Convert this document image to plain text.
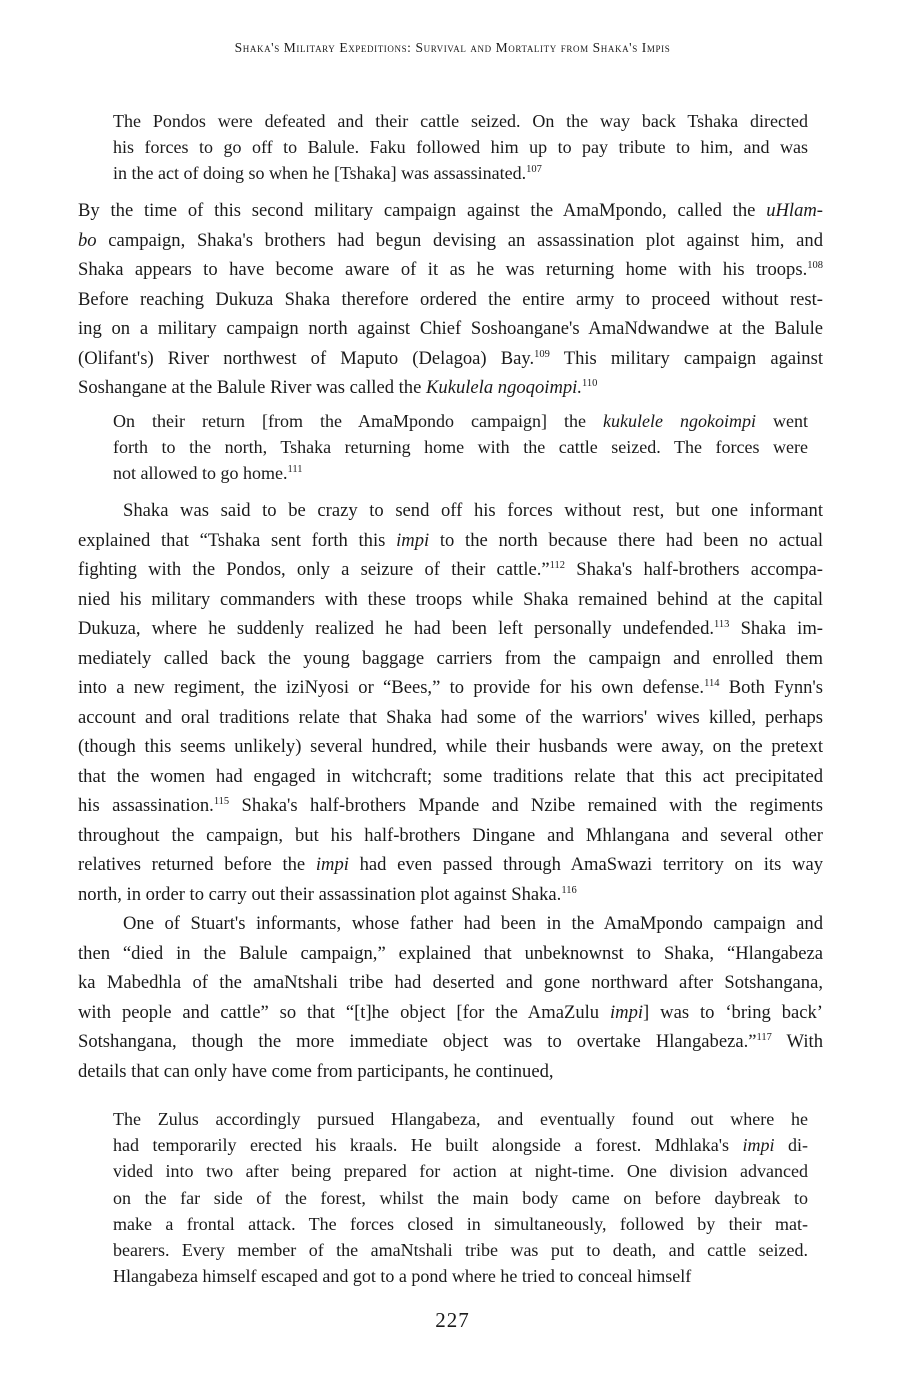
Shaka's Military Expeditions: Survival and Mortality from Shaka's Impis
The Pondos were defeated and their cattle seized. On the way back Tshaka directed
his forces to go off to Balule. Faku followed him up to pay tribute to him, and was
in the act of doing so when he [Tshaka] was assassinated.$^{107}$
By the time of this second military campaign against the AmaMpondo, called the uHlam-
bo campaign, Shaka's brothers had begun devising an assassination plot against him, and
Shaka appears to have become aware of it as he was returning home with his troops.$^{108}$
Before reaching Dukuza Shaka therefore ordered the entire army to proceed without rest-
ing on a military campaign north against Chief Soshoangane's AmaNdwandwe at the Balule
(Olifant's) River northwest of Maputo (Delagoa) Bay.$^{109}$ This military campaign against
Soshangane at the Balule River was called the Kukulela ngoqoimpi.$^{110}$
On their return [from the AmaMpondo campaign] the kukulele ngokoimpi went
forth to the north, Tshaka returning home with the cattle seized. The forces were
not allowed to go home.$^{111}$
Shaka was said to be crazy to send off his forces without rest, but one informant
explained that “Tshaka sent forth this impi to the north because there had been no actual
fighting with the Pondos, only a seizure of their cattle.”$^{112}$ Shaka's half-brothers accompa-
nied his military commanders with these troops while Shaka remained behind at the capital
Dukuza, where he suddenly realized he had been left personally undefended.$^{113}$ Shaka im-
mediately called back the young baggage carriers from the campaign and enrolled them
into a new regiment, the iziNyosi or “Bees,” to provide for his own defense.$^{114}$ Both Fynn's
account and oral traditions relate that Shaka had some of the warriors' wives killed, perhaps
(though this seems unlikely) several hundred, while their husbands were away, on the pretext
that the women had engaged in witchcraft; some traditions relate that this act precipitated
his assassination.$^{115}$ Shaka's half-brothers Mpande and Nzibe remained with the regiments
throughout the campaign, but his half-brothers Dingane and Mhlangana and several other
relatives returned before the impi had even passed through AmaSwazi territory on its way
north, in order to carry out their assassination plot against Shaka.$^{116}$
One of Stuart's informants, whose father had been in the AmaMpondo campaign and
then “died in the Balule campaign,” explained that unbeknownst to Shaka, “Hlangabeza
ka Mabedhla of the amaNtshali tribe had deserted and gone northward after Sotshangana,
with people and cattle” so that “[t]he object [for the AmaZulu impi] was to ‘bring back’
Sotshangana, though the more immediate object was to overtake Hlangabeza.”$^{117}$ With
details that can only have come from participants, he continued,
The Zulus accordingly pursued Hlangabeza, and eventually found out where he
had temporarily erected his kraals. He built alongside a forest. Mdhlaka's impi di-
vided into two after being prepared for action at night-time. One division advanced
on the far side of the forest, whilst the main body came on before daybreak to
make a frontal attack. The forces closed in simultaneously, followed by their mat-
bearers. Every member of the amaNtshali tribe was put to death, and cattle seized.
Hlangabeza himself escaped and got to a pond where he tried to conceal himself
227
